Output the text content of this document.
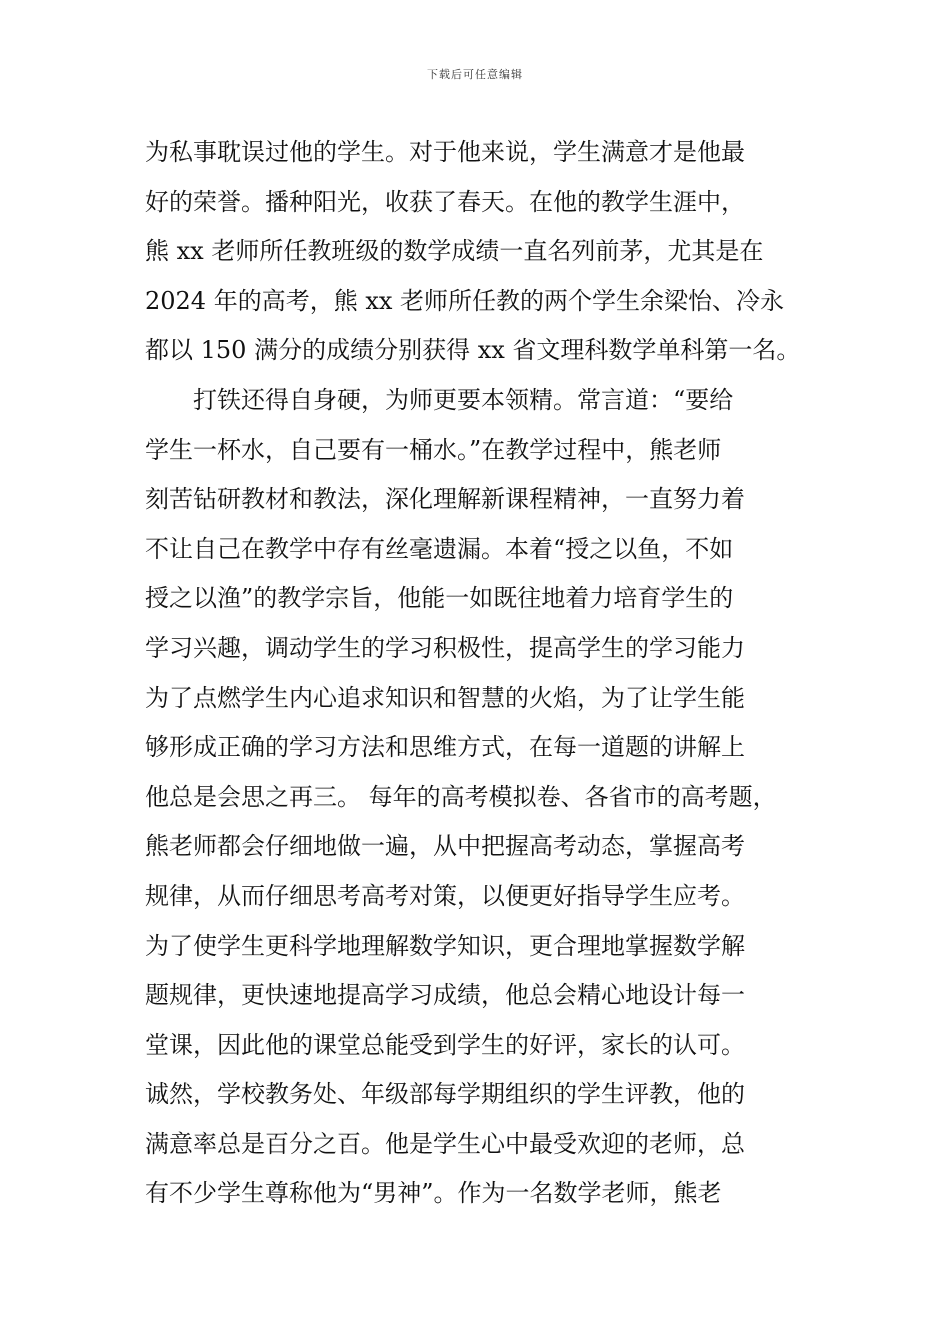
下载后可任意编辑
为私事耽误过他的学生。对于他来说，学生满意才是他最
好的荣誉。播种阳光，收获了春天。在他的教学生涯中，
熊 xx 老师所任教班级的数学成绩一直名列前茅，尤其是在
2024 年的高考，熊 xx 老师所任教的两个学生余梁怡、冷永
都以 150 满分的成绩分别获得 xx 省文理科数学单科第一名。
打铁还得自身硬，为师更要本领精。常言道：“要给
学生一杯水，自己要有一桶水。”在教学过程中，熊老师
刻苦钻研教材和教法，深化理解新课程精神，一直努力着
不让自己在教学中存有丝毫遗漏。本着“授之以鱼，不如
授之以渔”的教学宗旨，他能一如既往地着力培育学生的
学习兴趣，调动学生的学习积极性，提高学生的学习能力
为了点燃学生内心追求知识和智慧的火焰，为了让学生能
够形成正确的学习方法和思维方式，在每一道题的讲解上
他总是会思之再三。 每年的高考模拟卷、各省市的高考题，
熊老师都会仔细地做一遍，从中把握高考动态，掌握高考
规律，从而仔细思考高考对策，以便更好指导学生应考。
为了使学生更科学地理解数学知识，更合理地掌握数学解
题规律，更快速地提高学习成绩，他总会精心地设计每一
堂课，因此他的课堂总能受到学生的好评，家长的认可。
诚然，学校教务处、年级部每学期组织的学生评教，他的
满意率总是百分之百。他是学生心中最受欢迎的老师，总
有不少学生尊称他为“男神”。作为一名数学老师，熊老
